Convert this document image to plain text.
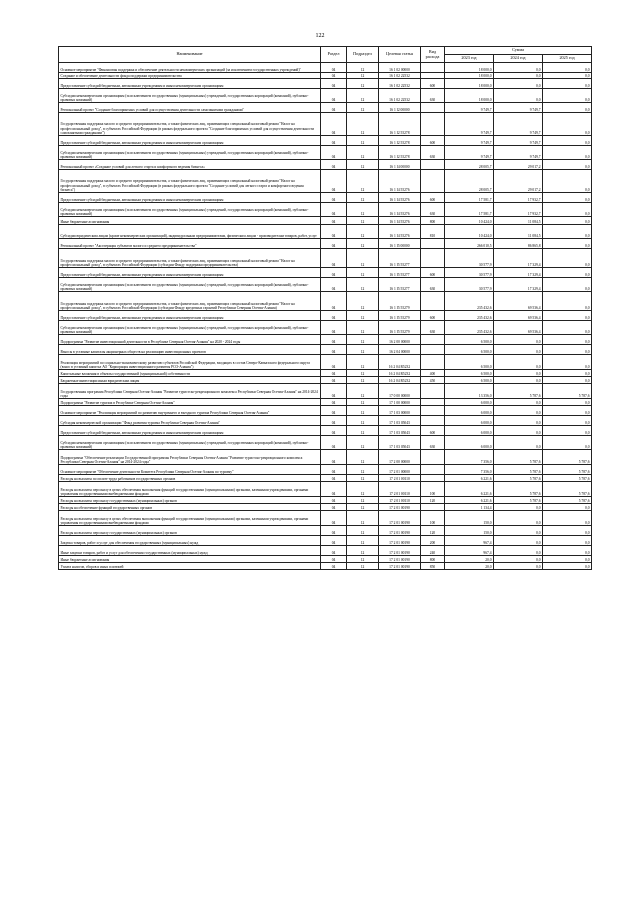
122
Наименование	Раздел	Подраздел	Целевая статья	Вид расхода	Сумма		
					2023 год	2024 год	2025 год
Основное мероприятие "Финансовая поддержка и обеспечение деятельности некоммерческих организаций (за исключением государственных учреждений)"	04	12	16 1 02 00000		18 000,0	0,0	0,0
Создание и обеспечение деятельности фонда поддержки предпринимательства	04	12	16 1 02 22532		18 000,0	0,0	0,0
Предоставление субсидий бюджетным, автономным учреждениям и иным некоммерческим организациям	04	12	16 1 02 22532	600	18 000,0	0,0	0,0
Субсидии некоммерческим организациям (за исключением государственных (муниципальных) учреждений, государственных корпораций (компаний), публично-правовых компаний)	04	12	16 1 02 22532	630	18 000,0	0,0	0,0
Региональный проект "Создание благоприятных условий для осуществления деятельности самозанятыми гражданами"	04	12	16 1 I2 00000		9 749,7	9 749,7	0,0
Государственная поддержка малого и среднего предпринимательства, а также физических лиц, применяющих специальный налоговый режим "Налог на профессиональный доход", в субъектах Российской Федерации (в рамках федерального проекта "Создание благоприятных условий для осуществления деятельности самозанятыми гражданами")	04	12	16 1 I2 55278		9 749,7	9 749,7	0,0
Предоставление субсидий бюджетным, автономным учреждениям и иным некоммерческим организациям	04	12	16 1 I2 55278	600	9 749,7	9 749,7	0,0
Субсидии некоммерческим организациям (за исключением государственных (муниципальных) учреждений, государственных корпораций (компаний), публично-правовых компаний)	04	12	16 1 I2 55278	630	9 749,7	9 749,7	0,0
Региональный проект «Создание условий для легкого старта и комфортного ведения бизнеса»	04	12	16 1 I4 00000		28 005,7	29 017,2	0,0
Государственная поддержка малого и среднего предпринимательства, а также физических лиц, применяющих специальный налоговый режим "Налог на профессиональный доход", в субъектах Российской Федерации (в рамках федерального проекта "Создание условий для легкого старта и комфортного ведения бизнеса")	04	12	16 1 I4 55276		28 005,7	29 017,2	0,0
Предоставление субсидий бюджетным, автономным учреждениям и иным некоммерческим организациям	04	12	16 1 I4 55276	600	17 581,7	17 932,7	0,0
Субсидии некоммерческим организациям (за исключением государственных (муниципальных) учреждений, государственных корпораций (компаний), публично-правовых компаний)	04	12	16 1 I4 55276	630	17 581,7	17 932,7	0,0
Иные бюджетные ассигнования	04	12	16 1 I4 55276	800	10 424,0	11 084,5	0,0
Субсидии юридическим лицам (кроме некоммерческих организаций), индивидуальным предпринимателям, физическим лицам - производителям товаров, работ, услуг	04	12	16 1 I4 55276	810	10 424,0	11 084,5	0,0
Региональный проект "Акселерация субъектов малого и среднего предпринимательства"	04	12	16 1 I5 00000		266 010,5	86 865,8	0,0
Государственная поддержка малого и среднего предпринимательства, а также физических лиц, применяющих специальный налоговый режим "Налог на профессиональный доход", в субъектах Российской Федерации (субсидии Фонду поддержки предпринимательства)	04	12	16 1 I5 55277		30 577,9	17 329,4	0,0
Предоставление субсидий бюджетным, автономным учреждениям и иным некоммерческим организациям	04	12	16 1 I5 55277	600	30 577,9	17 329,4	0,0
Субсидии некоммерческим организациям (за исключением государственных (муниципальных) учреждений, государственных корпораций (компаний), публично-правовых компаний)	04	12	16 1 I5 55277	630	30 577,9	17 329,4	0,0
Государственная поддержка малого и среднего предпринимательства, а также физических лиц, применяющих специальный налоговый режим "Налог на профессиональный доход", в субъектах Российской Федерации (субсидии Фонду кредитных гарантий Республики Северная Осетия-Алания)	04	12	16 1 I5 55279		235 432,6	69 536,4	0,0
Предоставление субсидий бюджетным, автономным учреждениям и иным некоммерческим организациям	04	12	16 1 I5 55279	600	235 432,6	69 536,4	0,0
Субсидии некоммерческим организациям (за исключением государственных (муниципальных) учреждений, государственных корпораций (компаний), публично-правовых компаний)	04	12	16 1 I5 55279	630	235 432,6	69 536,4	0,0
Подпрограмма "Развитие инвестиционной деятельности в Республике Северная Осетия-Алания" на 2020 - 2024 годы	04	12	16 2 00 00000		6 500,0	0,0	0,0
Взносы в уставные капиталы акционерных обществ на реализацию инвестиционных проектов	04	12	16 2 04 00000		6 500,0	0,0	0,0
Реализация мероприятий по социально-экономическому развитию субъектов Российской Федерации, входящих в состав Северо-Кавказского федерального округа (взнос в уставный капитал АО "Корпорация инвестиционного развития РСО-Алания")	04	12	16 2 04 R5232		6 500,0	0,0	0,0
Капитальные вложения в объекты государственной (муниципальной) собственности	04	12	16 2 04 R5232	400	6 500,0	0,0	0,0
Бюджетные инвестиции иным юридическим лицам	04	12	16 2 04 R5232	450	6 500,0	0,0	0,0
Государственная программа Республики Северная Осетия-Алания "Развитие туристско-рекреационного комплекса Республики Северная Осетия-Алания" на 2014-2024 годы	04	12	17 0 00 00000		13 356,0	5 787,6	5 787,6
Подпрограмма "Развитие туризма в Республике Северная Осетия-Алания"	04	12	17 1 00 00000		6 000,0	0,0	0,0
Основное мероприятие "Реализация мероприятий по развитию внутреннего и въездного туризма Республики Северная Осетия-Алания"	04	12	17 1 03 00000		6 000,0	0,0	0,0
Субсидия некоммерческой организации "Фонд развития туризма Республики Северная Осетия-Алания"	04	12	17 1 03 05043		6 000,0	0,0	0,0
Предоставление субсидий бюджетным, автономным учреждениям и иным некоммерческим организациям	04	12	17 1 03 05043	600	6 000,0	0,0	0,0
Субсидии некоммерческим организациям (за исключением государственных (муниципальных) учреждений, государственных корпораций (компаний), публично-правовых компаний)	04	12	17 1 03 05043	630	6 000,0	0,0	0,0
Подпрограмма "Обеспечение реализации Государственной программы Республики Северная Осетия-Алания "Развитие туристско-рекреационного комплекса Республики Северная Осетия-Алания" на 2014-2024 годы"	04	12	17 2 00 00000		7 356,0	5 787,6	5 787,6
Основное мероприятие "Обеспечение деятельности Комитета Республики Северная Осетия-Алания по туризму"	04	12	17 2 01 00000		7 356,0	5 787,6	5 787,6
Расходы на выплаты по оплате труда работников государственных органов	04	12	17 2 01 00110		6 221,6	5 787,6	5 787,6
Расходы на выплаты персоналу в целях обеспечения выполнения функций государственными (муниципальными) органами, казенными учреждениями, органами управления государственными внебюджетными фондами	04	12	17 2 01 00110	100	6 221,6	5 787,6	5 787,6
Расходы на выплаты персоналу государственных (муниципальных) органов	04	12	17 2 01 00110	120	6 221,6	5 787,6	5 787,6
Расходы на обеспечение функций государственных органов	04	12	17 2 01 00190		1 134,4	0,0	0,0
Расходы на выплаты персоналу в целях обеспечения выполнения функций государственными (муниципальными) органами, казенными учреждениями, органами управления государственными внебюджетными фондами	04	12	17 2 01 00190	100	150,0	0,0	0,0
Расходы на выплаты персоналу государственных (муниципальных) органов	04	12	17 2 01 00190	120	150,0	0,0	0,0
Закупка товаров, работ и услуг для обеспечения государственных (муниципальных) нужд	04	12	17 2 01 00190	200	967,4	0,0	0,0
Иные закупки товаров, работ и услуг для обеспечения государственных (муниципальных) нужд	04	12	17 2 01 00190	240	967,4	0,0	0,0
Иные бюджетные ассигнования	04	12	17 2 01 00190	800	20,0	0,0	0,0
Уплата налогов, сборов и иных платежей	04	12	17 2 01 00190	850	20,0	0,0	0,0
